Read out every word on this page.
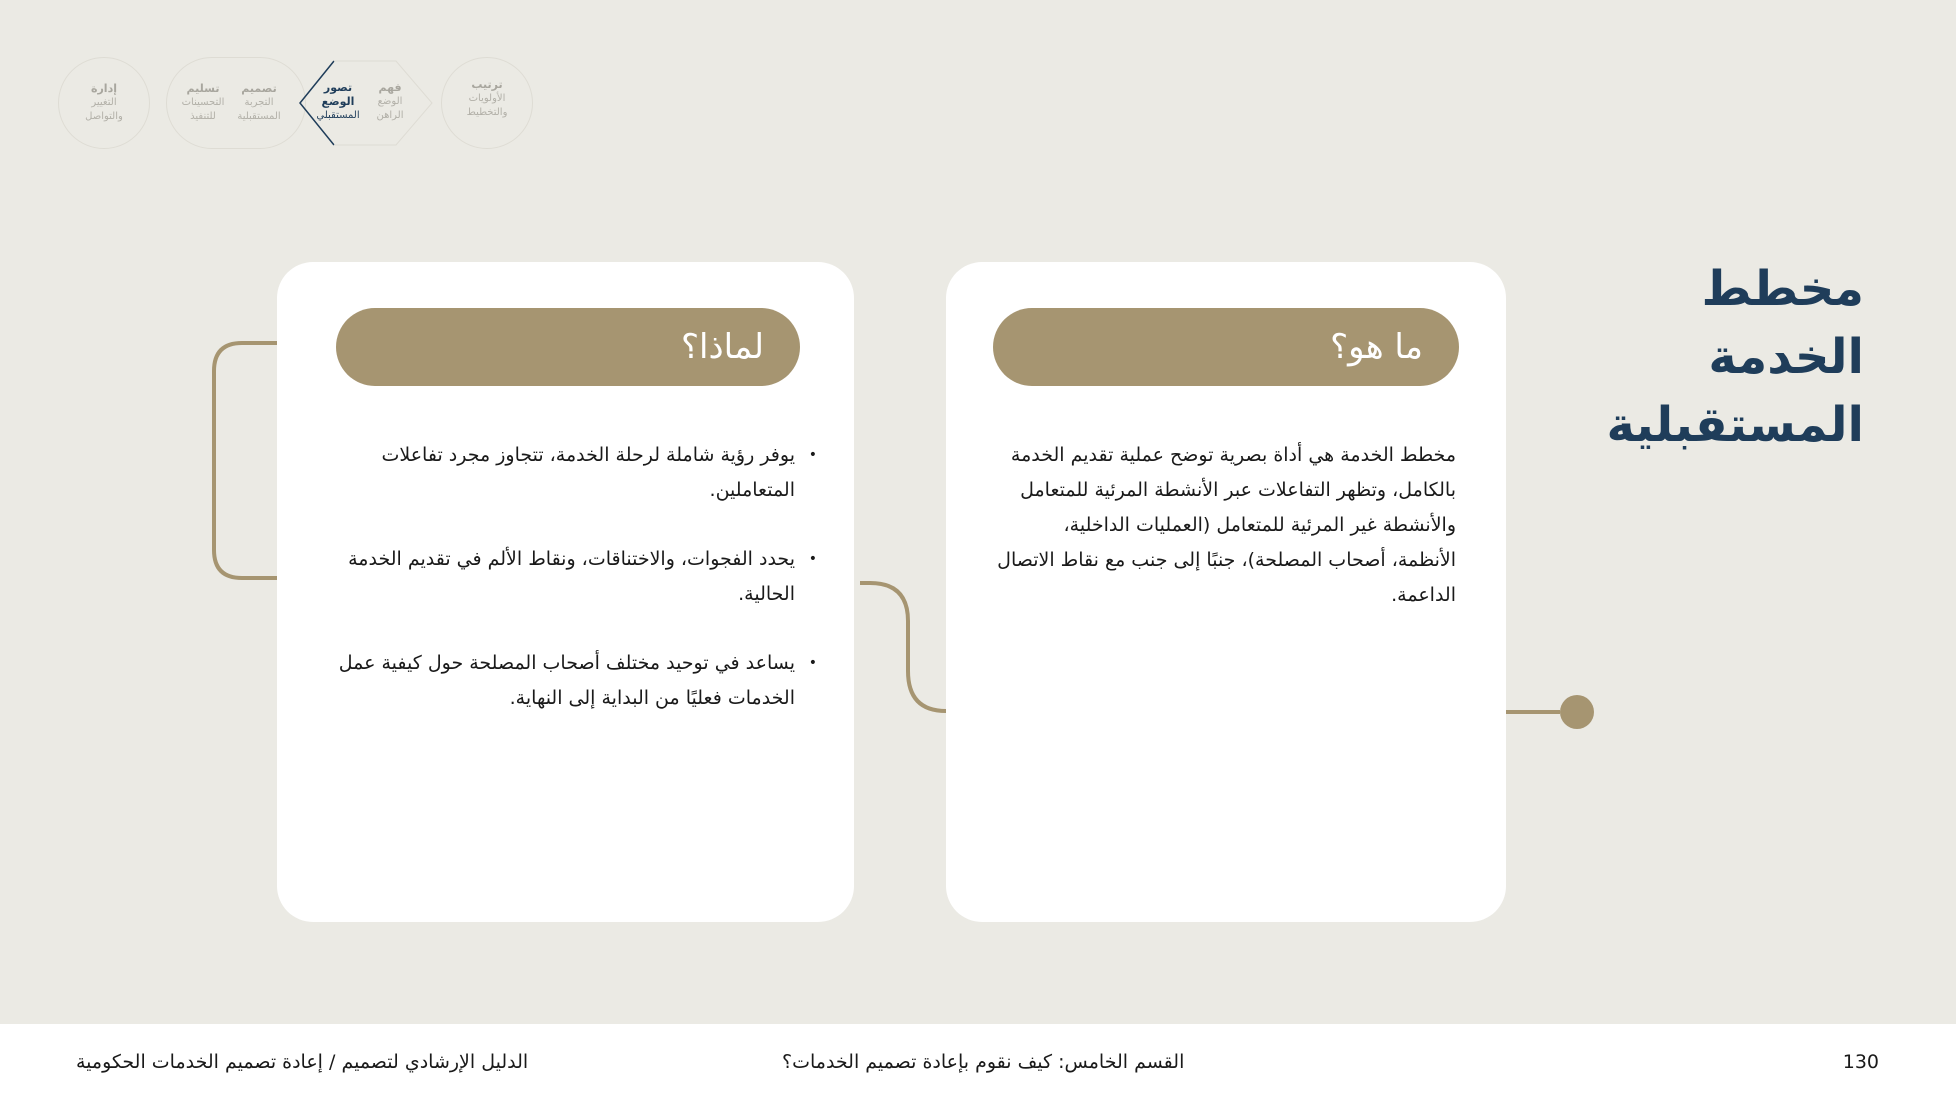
إدارة
التغيير
والتواصل
تسليم
التحسينات
للتنفيذ
تصميم
التجربة
المستقبلية
تصور
الوضع
المستقبلي
فهم
الوضع
الراهن
ترتيب
الأولويات
والتخطيط
مخطط
الخدمة
المستقبلية
ما هو؟
مخطط الخدمة هي أداة بصرية توضح عملية تقديم الخدمة بالكامل، وتظهر التفاعلات عبر الأنشطة المرئية للمتعامل والأنشطة غير المرئية للمتعامل (العمليات الداخلية، الأنظمة، أصحاب المصلحة)، جنبًا إلى جنب مع نقاط الاتصال الداعمة.
لماذا؟
•
يوفر رؤية شاملة لرحلة الخدمة، تتجاوز مجرد تفاعلات المتعاملين.
•
يحدد الفجوات، والاختناقات، ونقاط الألم في تقديم الخدمة الحالية.
•
يساعد في توحيد مختلف أصحاب المصلحة حول كيفية عمل الخدمات فعليًا من البداية إلى النهاية.
الدليل الإرشادي لتصميم / إعادة تصميم الخدمات الحكومية	القسم الخامس: كيف نقوم بإعادة تصميم الخدمات؟	130
